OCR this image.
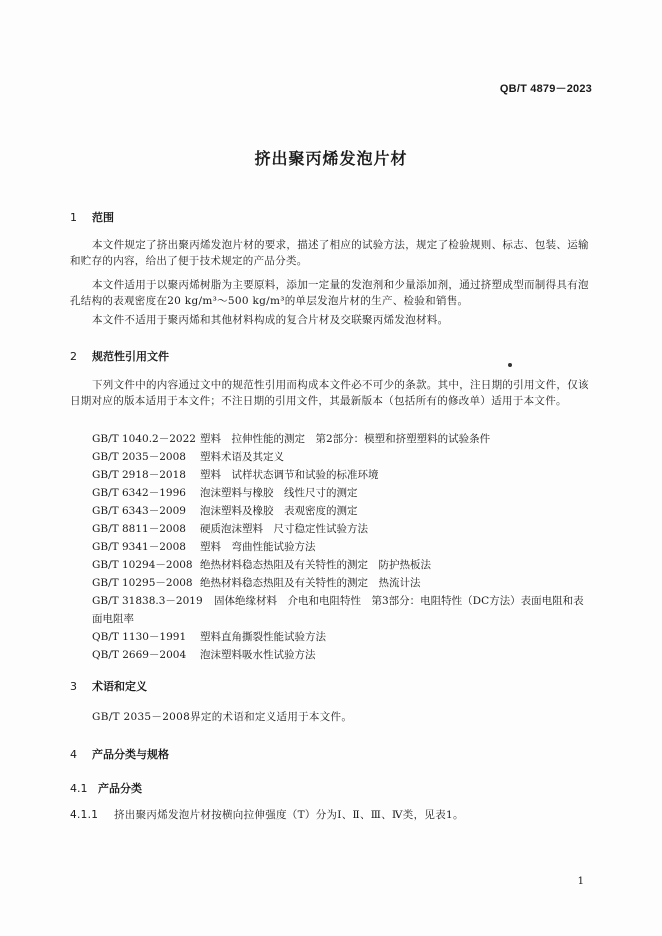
QB/T 4879－2023
挤出聚丙烯发泡片材
1 范围
本文件规定了挤出聚丙烯发泡片材的要求，描述了相应的试验方法，规定了检验规则、标志、包装、运输和贮存的内容，给出了便于技术规定的产品分类。
本文件适用于以聚丙烯树脂为主要原料，添加一定量的发泡剂和少量添加剂，通过挤塑成型而制得具有泡孔结构的表观密度在20 kg/m³～500 kg/m³的单层发泡片材的生产、检验和销售。
本文件不适用于聚丙烯和其他材料构成的复合片材及交联聚丙烯发泡材料。
2 规范性引用文件
下列文件中的内容通过文中的规范性引用而构成本文件必不可少的条款。其中，注日期的引用文件，仅该日期对应的版本适用于本文件；不注日期的引用文件，其最新版本（包括所有的修改单）适用于本文件。
GB/T 1040.2－2022 塑料　拉伸性能的测定　第2部分：模塑和挤塑塑料的试验条件
GB/T 2035－2008 塑料术语及其定义
GB/T 2918－2018 塑料　试样状态调节和试验的标准环境
GB/T 6342－1996 泡沫塑料与橡胶　线性尺寸的测定
GB/T 6343－2009 泡沫塑料及橡胶　表观密度的测定
GB/T 8811－2008 硬质泡沫塑料　尺寸稳定性试验方法
GB/T 9341－2008 塑料　弯曲性能试验方法
GB/T 10294－2008 绝热材料稳态热阻及有关特性的测定　防护热板法
GB/T 10295－2008 绝热材料稳态热阻及有关特性的测定　热流计法
GB/T 31838.3－2019 固体绝缘材料　介电和电阻特性　第3部分：电阻特性（DC方法）表面电阻和表面电阻率
QB/T 1130－1991 塑料直角撕裂性能试验方法
QB/T 2669－2004 泡沫塑料吸水性试验方法
3 术语和定义
GB/T 2035－2008界定的术语和定义适用于本文件。
4 产品分类与规格
4.1 产品分类
4.1.1 挤出聚丙烯发泡片材按横向拉伸强度（T）分为Ⅰ、Ⅱ、Ⅲ、Ⅳ类，见表1。
1
